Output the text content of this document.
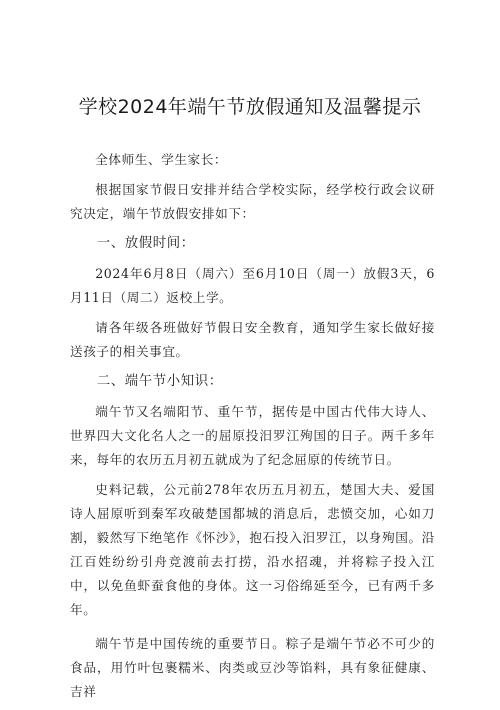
学校2024年端午节放假通知及温馨提示

全体师生、学生家长：

根据国家节假日安排并结合学校实际，经学校行政会议研究决定，端午节放假安排如下：

一、放假时间：

2024年6月8日（周六）至6月10日（周一）放假3天，6月11日（周二）返校上学。

请各年级各班做好节假日安全教育，通知学生家长做好接送孩子的相关事宜。

二、端午节小知识：

端午节又名端阳节、重午节，据传是中国古代伟大诗人、世界四大文化名人之一的屈原投汨罗江殉国的日子。两千多年来，每年的农历五月初五就成为了纪念屈原的传统节日。

史料记载，公元前278年农历五月初五，楚国大夫、爱国诗人屈原听到秦军攻破楚国都城的消息后，悲愤交加，心如刀割，毅然写下绝笔作《怀沙》，抱石投入汨罗江，以身殉国。沿江百姓纷纷引舟竞渡前去打捞，沿水招魂，并将粽子投入江中，以免鱼虾蚕食他的身体。这一习俗绵延至今，已有两千多年。

端午节是中国传统的重要节日。粽子是端午节必不可少的食品，用竹叶包裹糯米、肉类或豆沙等馅料，具有象征健康、吉祥
